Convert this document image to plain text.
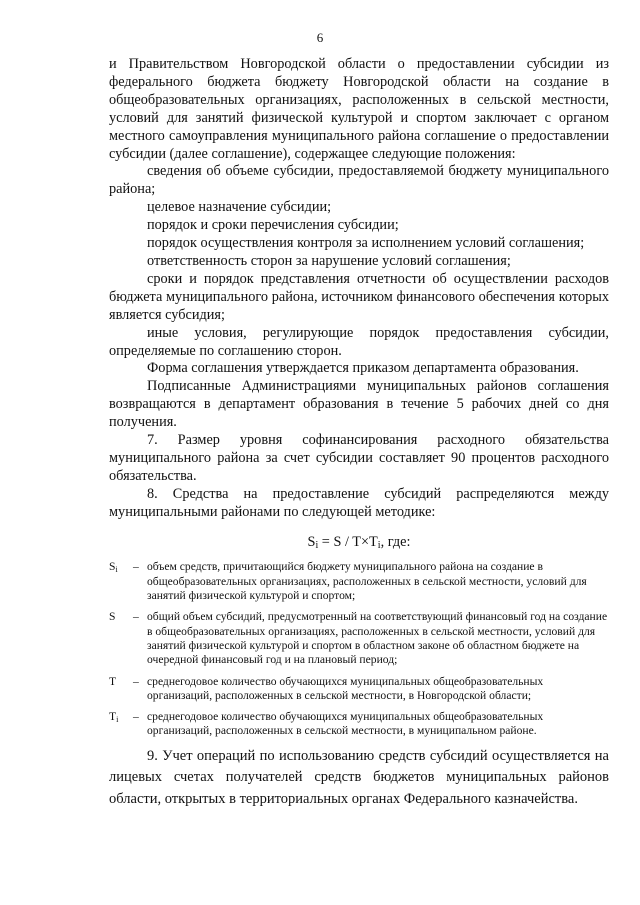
6

и Правительством Новгородской области о предоставлении субсидии из федерального бюджета бюджету Новгородской области на создание в общеобразовательных организациях, расположенных в сельской местности, условий для занятий физической культурой и спортом заключает с органом местного самоуправления муниципального района соглашение о предоставлении субсидии (далее соглашение), содержащее следующие положения:

сведения об объеме субсидии, предоставляемой бюджету муниципального района;

целевое назначение субсидии;

порядок и сроки перечисления субсидии;

порядок осуществления контроля за исполнением условий соглашения;

ответственность сторон за нарушение условий соглашения;

сроки и порядок представления отчетности об осуществлении расходов бюджета муниципального района, источником финансового обеспечения которых является субсидия;

иные условия, регулирующие порядок предоставления субсидии, определяемые по соглашению сторон.

Форма соглашения утверждается приказом департамента образования.

Подписанные Администрациями муниципальных районов соглашения возвращаются в департамент образования в течение 5 рабочих дней со дня получения.

7. Размер уровня софинансирования расходного обязательства муниципального района за счет субсидии составляет 90 процентов расходного обязательства.

8. Средства на предоставление субсидий распределяются между муниципальными районами по следующей методике:

$S_i = S / T\times T_i$, где:
$S_i$	– объем средств, причитающийся бюджету муниципального района на создание в общеобразовательных организациях, расположенных в сельской местности, условий для занятий физической культурой и спортом;
S	– общий объем субсидий, предусмотренный на соответствующий финансовый год на создание в общеобразовательных организациях, расположенных в сельской местности, условий для занятий физической культурой и спортом в областном законе об областном бюджете на очередной финансовый год и на плановый период;
T	– среднегодовое количество обучающихся муниципальных общеобразовательных организаций, расположенных в сельской местности, в Новгородской области;
$T_i$	– среднегодовое количество обучающихся муниципальных общеобразовательных организаций, расположенных в сельской местности, в муниципальном районе.

9. Учет операций по использованию средств субсидий осуществляется на лицевых счетах получателей средств бюджетов муниципальных районов области, открытых в территориальных органах Федерального казначейства.
